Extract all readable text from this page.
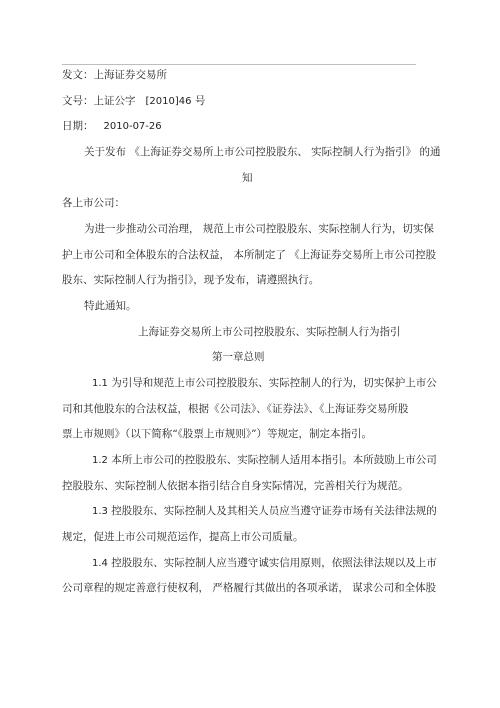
发文：上海证券交易所
文号：上证公字 [2010]46 号
日期： 2010-07-26
关于发布 《上海证券交易所上市公司控股股东、 实际控制人行为指引》 的通
知
各上市公司：
为进一步推动公司治理， 规范上市公司控股股东、实际控制人行为，切实保
护上市公司和全体股东的合法权益， 本所制定了 《上海证券交易所上市公司控股
股东、实际控制人行为指引》，现予发布，请遵照执行。
特此通知。
上海证券交易所上市公司控股股东、实际控制人行为指引
第一章总则
1.1 为引导和规范上市公司控股股东、实际控制人的行为，切实保护上市公
司和其他股东的合法权益，根据《公司法》、《证券法》、《上海证券交易所股
票上市规则》（以下简称“《股票上市规则》”）等规定，制定本指引。
1.2 本所上市公司的控股股东、实际控制人适用本指引。本所鼓励上市公司
控股股东、实际控制人依据本指引结合自身实际情况，完善相关行为规范。
1.3 控股股东、实际控制人及其相关人员应当遵守证券市场有关法律法规的
规定，促进上市公司规范运作，提高上市公司质量。
1.4 控股股东、实际控制人应当遵守诚实信用原则，依照法律法规以及上市
公司章程的规定善意行使权利， 严格履行其做出的各项承诺， 谋求公司和全体股
